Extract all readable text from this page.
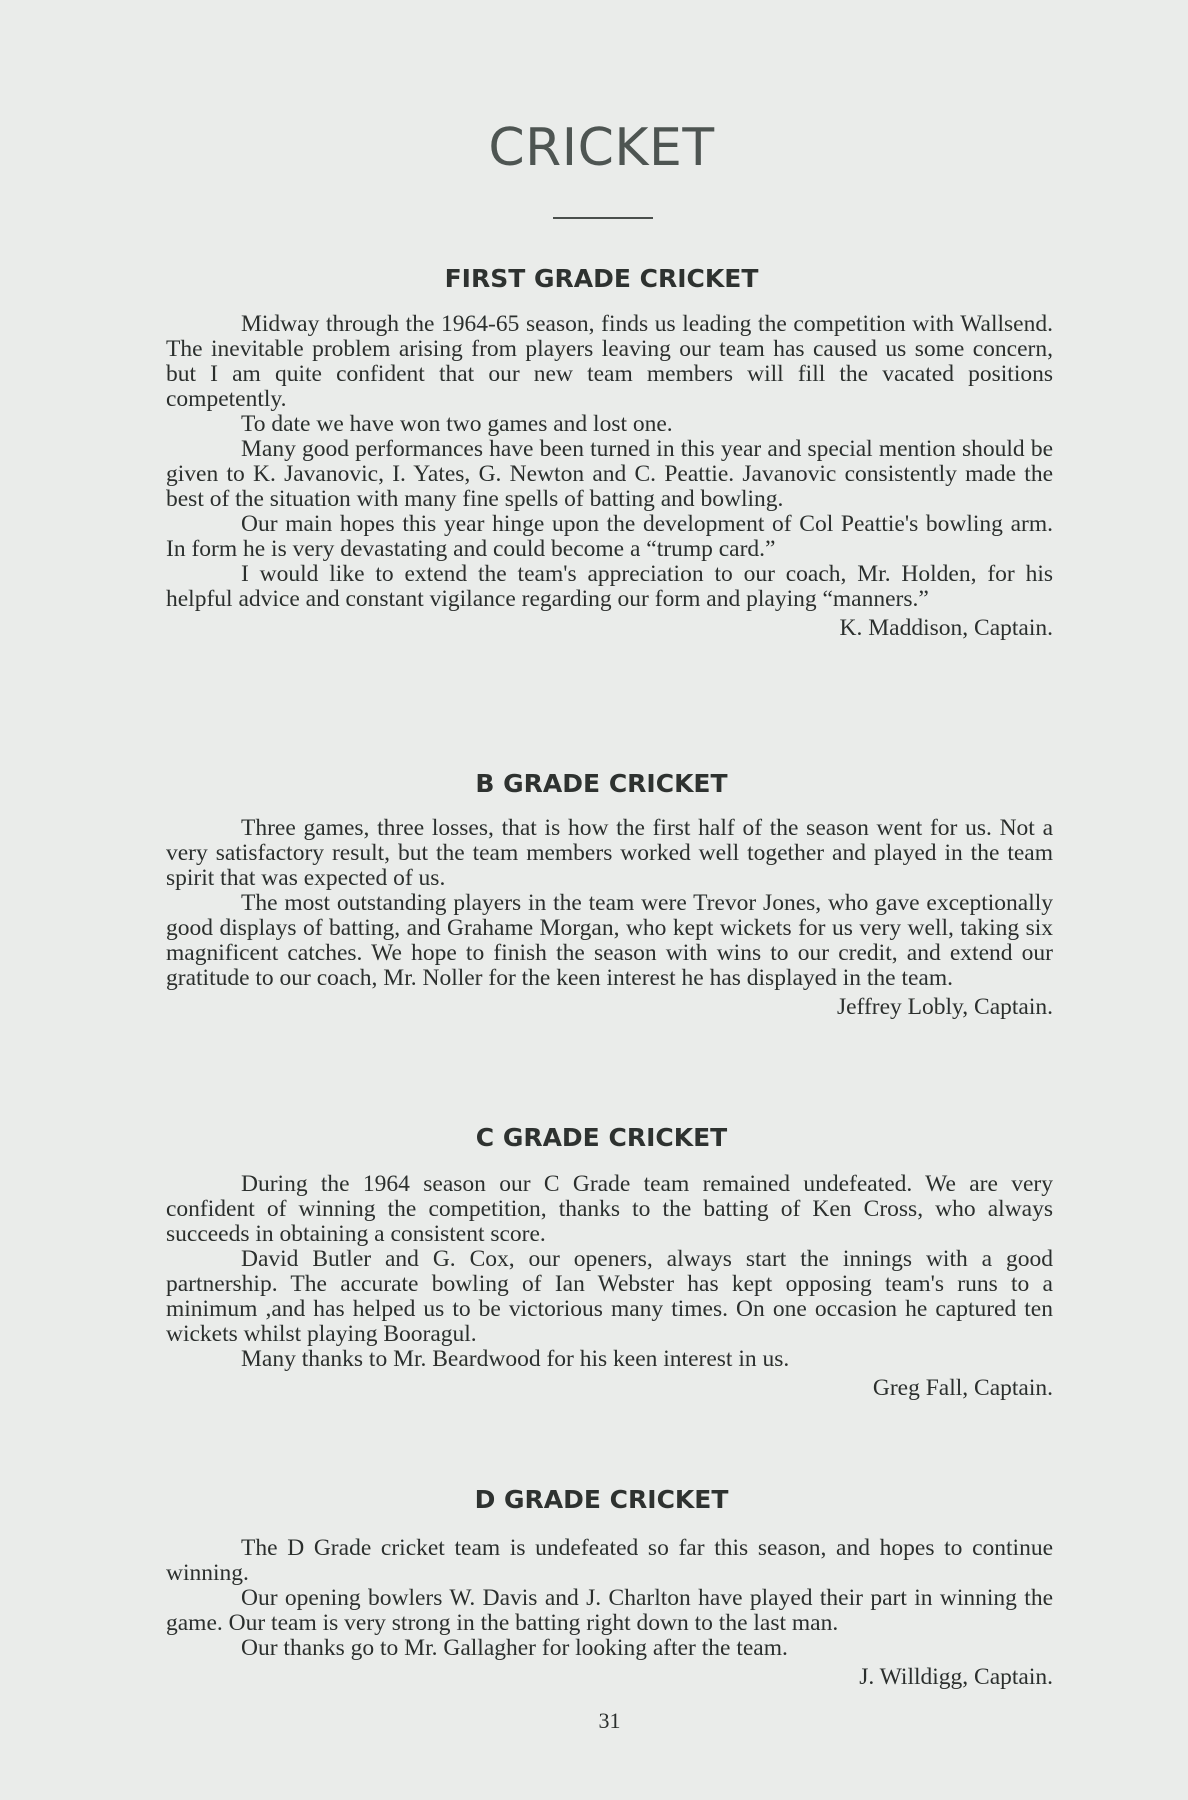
CRICKET
FIRST GRADE CRICKET

Midway through the 1964-65 season, finds us leading the competition with Wallsend. The inevitable problem arising from players leaving our team has caused us some concern, but I am quite confident that our new team members will fill the vacated positions competently.

To date we have won two games and lost one.

Many good performances have been turned in this year and special mention should be given to K. Javanovic, I. Yates, G. Newton and C. Peattie. Javanovic consistently made the best of the situation with many fine spells of batting and bowling.

Our main hopes this year hinge upon the development of Col Peattie's bowling arm. In form he is very devastating and could become a “trump card.”

I would like to extend the team's appreciation to our coach, Mr. Holden, for his helpful advice and constant vigilance regarding our form and playing “manners.”

K. Maddison, Captain.

B GRADE CRICKET

Three games, three losses, that is how the first half of the season went for us. Not a very satisfactory result, but the team members worked well together and played in the team spirit that was expected of us.

The most outstanding players in the team were Trevor Jones, who gave exceptionally good displays of batting, and Grahame Morgan, who kept wickets for us very well, taking six magnificent catches. We hope to finish the season with wins to our credit, and extend our gratitude to our coach, Mr. Noller for the keen interest he has displayed in the team.

Jeffrey Lobly, Captain.

C GRADE CRICKET

During the 1964 season our C Grade team remained undefeated. We are very confident of winning the competition, thanks to the batting of Ken Cross, who always succeeds in obtaining a consistent score.

David Butler and G. Cox, our openers, always start the innings with a good partnership. The accurate bowling of Ian Webster has kept opposing team's runs to a minimum ,and has helped us to be victorious many times. On one occasion he captured ten wickets whilst playing Booragul.

Many thanks to Mr. Beardwood for his keen interest in us.

Greg Fall, Captain.

D GRADE CRICKET

The D Grade cricket team is undefeated so far this season, and hopes to continue winning.

Our opening bowlers W. Davis and J. Charlton have played their part in winning the game. Our team is very strong in the batting right down to the last man.

Our thanks go to Mr. Gallagher for looking after the team.

J. Willdigg, Captain.

31
